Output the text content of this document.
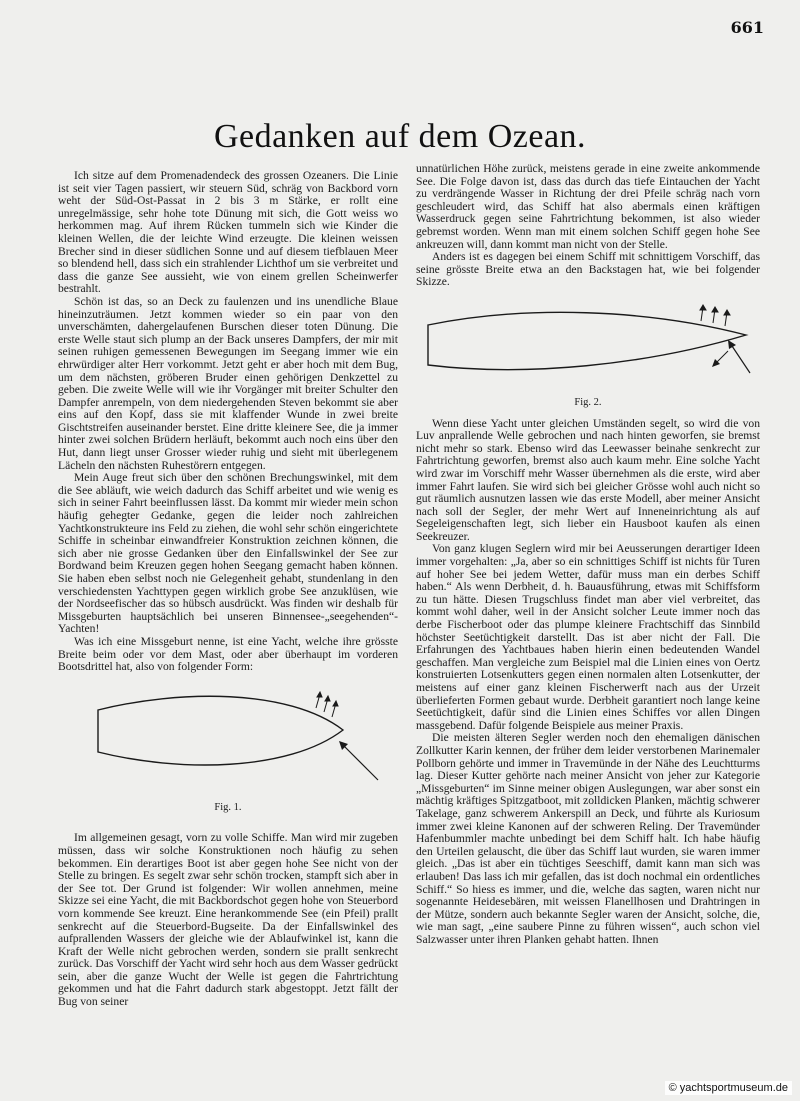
661
Gedanken auf dem Ozean.

Ich sitze auf dem Promenadendeck des grossen Ozeaners. Die Linie ist seit vier Tagen passiert, wir steuern Süd, schräg von Backbord vorn weht der Süd-Ost-Passat in 2 bis 3 m Stärke, er rollt eine unregelmässige, sehr hohe tote Dünung mit sich, die Gott weiss wo herkommen mag. Auf ihrem Rücken tummeln sich wie Kinder die kleinen Wellen, die der leichte Wind erzeugte. Die kleinen weissen Brecher sind in dieser südlichen Sonne und auf diesem tiefblauen Meer so blendend hell, dass sich ein strahlender Lichthof um sie verbreitet und dass die ganze See aussieht, wie von einem grellen Scheinwerfer bestrahlt.

Schön ist das, so an Deck zu faulenzen und ins unendliche Blaue hineinzuträumen. Jetzt kommen wieder so ein paar von den unverschämten, dahergelaufenen Burschen dieser toten Dünung. Die erste Welle staut sich plump an der Back unseres Dampfers, der mir mit seinen ruhigen gemessenen Bewegungen im Seegang immer wie ein ehrwürdiger alter Herr vorkommt. Jetzt geht er aber hoch mit dem Bug, um dem nächsten, gröberen Bruder einen gehörigen Denkzettel zu geben. Die zweite Welle will wie ihr Vorgänger mit breiter Schulter den Dampfer anrempeln, von dem niedergehenden Steven bekommt sie aber eins auf den Kopf, dass sie mit klaffender Wunde in zwei breite Gischtstreifen auseinander berstet. Eine dritte kleinere See, die ja immer hinter zwei solchen Brüdern herläuft, bekommt auch noch eins über den Hut, dann liegt unser Grosser wieder ruhig und sieht mit überlegenem Lächeln den nächsten Ruhestörern entgegen.

Mein Auge freut sich über den schönen Brechungswinkel, mit dem die See abläuft, wie weich dadurch das Schiff arbeitet und wie wenig es sich in seiner Fahrt beeinflussen lässt. Da kommt mir wieder mein schon häufig gehegter Gedanke, gegen die leider noch zahlreichen Yachtkonstrukteure ins Feld zu ziehen, die wohl sehr schön eingerichtete Schiffe in scheinbar einwandfreier Konstruktion zeichnen können, die sich aber nie grosse Gedanken über den Einfallswinkel der See zur Bordwand beim Kreuzen gegen hohen Seegang gemacht haben können. Sie haben eben selbst noch nie Gelegenheit gehabt, stundenlang in den verschiedensten Yachttypen gegen wirklich grobe See anzuklüsen, wie der Nordseefischer das so hübsch ausdrückt. Was finden wir deshalb für Missgeburten hauptsächlich bei unseren Binnensee-„seegehenden“-Yachten!

Was ich eine Missgeburt nenne, ist eine Yacht, welche ihre grösste Breite beim oder vor dem Mast, oder aber überhaupt im vorderen Bootsdrittel hat, also von folgender Form:

Fig. 1.

Im allgemeinen gesagt, vorn zu volle Schiffe. Man wird mir zugeben müssen, dass wir solche Konstruktionen noch häufig zu sehen bekommen. Ein derartiges Boot ist aber gegen hohe See nicht von der Stelle zu bringen. Es segelt zwar sehr schön trocken, stampft sich aber in der See tot. Der Grund ist folgender: Wir wollen annehmen, meine Skizze sei eine Yacht, die mit Backbordschot gegen hohe von Steuerbord vorn kommende See kreuzt. Eine herankommende See (ein Pfeil) prallt senkrecht auf die Steuerbord-Bugseite. Da der Einfallswinkel des aufprallenden Wassers der gleiche wie der Ablaufwinkel ist, kann die Kraft der Welle nicht gebrochen werden, sondern sie prallt senkrecht zurück. Das Vorschiff der Yacht wird sehr hoch aus dem Wasser gedrückt sein, aber die ganze Wucht der Welle ist gegen die Fahrtrichtung gekommen und hat die Fahrt dadurch stark abgestoppt. Jetzt fällt der Bug von seiner

unnatürlichen Höhe zurück, meistens gerade in eine zweite ankommende See. Die Folge davon ist, dass das durch das tiefe Eintauchen der Yacht zu verdrängende Wasser in Richtung der drei Pfeile schräg nach vorn geschleudert wird, das Schiff hat also abermals einen kräftigen Wasserdruck gegen seine Fahrtrichtung bekommen, ist also wieder gebremst worden. Wenn man mit einem solchen Schiff gegen hohe See ankreuzen will, dann kommt man nicht von der Stelle.

Anders ist es dagegen bei einem Schiff mit schnittigem Vorschiff, das seine grösste Breite etwa an den Backstagen hat, wie bei folgender Skizze.

Fig. 2.

Wenn diese Yacht unter gleichen Umständen segelt, so wird die von Luv anprallende Welle gebrochen und nach hinten geworfen, sie bremst nicht mehr so stark. Ebenso wird das Leewasser beinahe senkrecht zur Fahrtrichtung geworfen, bremst also auch kaum mehr. Eine solche Yacht wird zwar im Vorschiff mehr Wasser übernehmen als die erste, wird aber immer Fahrt laufen. Sie wird sich bei gleicher Grösse wohl auch nicht so gut räumlich ausnutzen lassen wie das erste Modell, aber meiner Ansicht nach soll der Segler, der mehr Wert auf Inneneinrichtung als auf Segeleigenschaften legt, sich lieber ein Hausboot kaufen als einen Seekreuzer.

Von ganz klugen Seglern wird mir bei Aeusserungen derartiger Ideen immer vorgehalten: „Ja, aber so ein schnittiges Schiff ist nichts für Turen auf hoher See bei jedem Wetter, dafür muss man ein derbes Schiff haben.“ Als wenn Derbheit, d. h. Bauausführung, etwas mit Schiffsform zu tun hätte. Diesen Trugschluss findet man aber viel verbreitet, das kommt wohl daher, weil in der Ansicht solcher Leute immer noch das derbe Fischerboot oder das plumpe kleinere Frachtschiff das Sinnbild höchster Seetüchtigkeit darstellt. Das ist aber nicht der Fall. Die Erfahrungen des Yachtbaues haben hierin einen bedeutenden Wandel geschaffen. Man vergleiche zum Beispiel mal die Linien eines von Oertz konstruierten Lotsenkutters gegen einen normalen alten Lotsenkutter, der meistens auf einer ganz kleinen Fischerwerft nach aus der Urzeit überlieferten Formen gebaut wurde. Derbheit garantiert noch lange keine Seetüchtigkeit, dafür sind die Linien eines Schiffes vor allen Dingen massgebend. Dafür folgende Beispiele aus meiner Praxis.

Die meisten älteren Segler werden noch den ehemaligen dänischen Zollkutter Karin kennen, der früher dem leider verstorbenen Marinemaler Pollborn gehörte und immer in Travemünde in der Nähe des Leuchtturms lag. Dieser Kutter gehörte nach meiner Ansicht von jeher zur Kategorie „Missgeburten“ im Sinne meiner obigen Auslegungen, war aber sonst ein mächtig kräftiges Spitzgatboot, mit zolldicken Planken, mächtig schwerer Takelage, ganz schwerem Ankerspill an Deck, und führte als Kuriosum immer zwei kleine Kanonen auf der schweren Reling. Der Travemünder Hafenbummler machte unbedingt bei dem Schiff halt. Ich habe häufig den Urteilen gelauscht, die über das Schiff laut wurden, sie waren immer gleich. „Das ist aber ein tüchtiges Seeschiff, damit kann man sich was erlauben! Das lass ich mir gefallen, das ist doch nochmal ein ordentliches Schiff.“ So hiess es immer, und die, welche das sagten, waren nicht nur sogenannte Heidesebären, mit weissen Flanellhosen und Drahtringen in der Mütze, sondern auch bekannte Segler waren der Ansicht, solche, die, wie man sagt, „eine saubere Pinne zu führen wissen“, auch schon viel Salzwasser unter ihren Planken gehabt hatten. Ihnen

© yachtsportmuseum.de
